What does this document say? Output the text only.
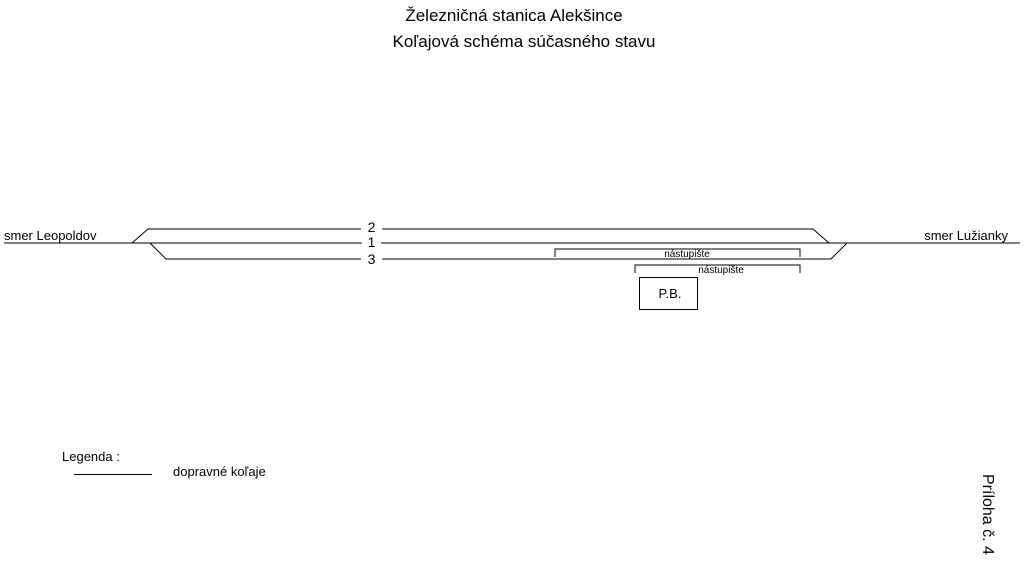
Železničná stanica Alekšince
Koľajová schéma súčasného stavu
smer Leopoldov	smer Lužianky
2
1
3	nástupište
nástupište
P.B.
Legenda :
dopravné koľaje
Príloha č. 4
